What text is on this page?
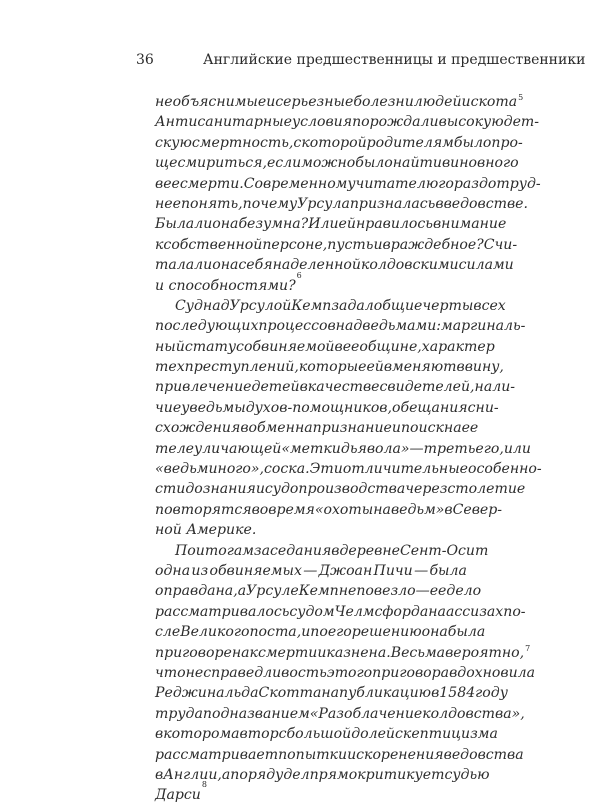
36	Английские предшественницы и предшественники
необъяснимые и серьезные болезни людей и скота$^5$
Антисанитарные условия порождали высокую дет-
скую смертность, с которой родителям было про-
ще смириться, если можно было найти виновного
в ее смерти. Современному читателю гораздо труд-
нее понять, почему Урсула призналась в ведовстве.
Была ли она безумна? Или ей нравилось внимание
к собственной персоне, пусть и враждебное? Счи-
тала ли она себя наделенной колдовскими силами
и способностями?
6
Суд над Урсулой Кемп задал общие черты всех
последующих процессов над ведьмами: маргиналь-
ный статус обвиняемой в ее общине, характер
тех преступлений, которые ей вменяют в вину,
привлечение детей в качестве свидетелей, нали-
чие у ведьмы духов-помощников, обещания сни-
схождения в обмен на признание и поиск на ее
теле уличающей «метки дьявола» — третьего, или
«ведьминого», соска. Эти отличительные особенно-
сти дознания и судопроизводства через столетие
повторятся во время «охоты на ведьм» в Север-
ной Америке.
По итогам заседания в деревне Сент-Осит
одна из обвиняемых — Джоан Пичи — была
оправдана, а Урсуле Кемп не повезло — ее дело
рассматривалось судом Челмсфорда на ассизах по-
сле Великого поста, и по его решению она была
приговорена к смерти и казнена. Весьма вероятно,$^7$
что несправедливость этого приговора вдохновила
Реджинальда Скотта на публикацию в 1584 году
труда под названием «Разоблачение колдовства»,
в котором автор с большой долей скептицизма
рассматривает попытки искоренения ведовства
в Англии, а по ряду дел прямо критикует судью
Дарси
8
